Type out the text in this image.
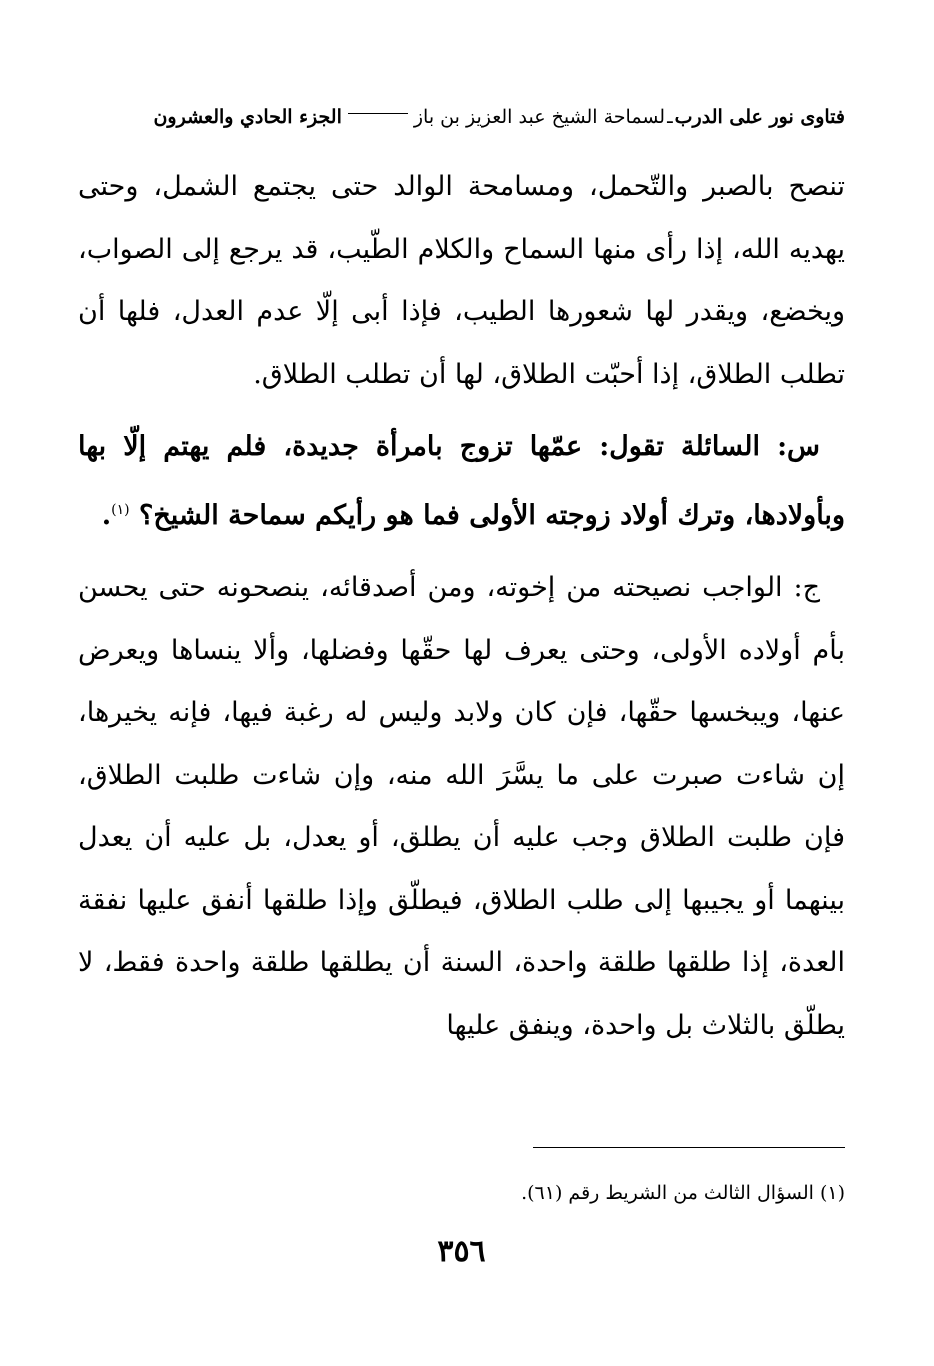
فتاوى نور على الدرب
ـ
لسماحة الشيخ عبد العزيز بن باز
الجزء الحادي والعشرون

تنصح بالصبر والتّحمل، ومسامحة الوالد حتى يجتمع الشمل، وحتى يهديه الله، إذا رأى منها السماح والكلام الطّيب، قد يرجع إلى الصواب، ويخضع، ويقدر لها شعورها الطيب، فإذا أبى إلّا عدم العدل، فلها أن تطلب الطلاق، إذا أحبّت الطلاق، لها أن تطلب الطلاق.

س: السائلة تقول: عمّها تزوج بامرأة جديدة، فلم يهتم إلّا بها وبأولادها، وترك أولاد زوجته الأولى فما هو رأيكم سماحة الشيخ؟ $^{(١)}$.

ج: الواجب نصيحته من إخوته، ومن أصدقائه، ينصحونه حتى يحسن بأم أولاده الأولى، وحتى يعرف لها حقّها وفضلها، وألا ينساها ويعرض عنها، ويبخسها حقّها، فإن كان ولابد وليس له رغبة فيها، فإنه يخيرها، إن شاءت صبرت على ما يسَّرَ الله منه، وإن شاءت طلبت الطلاق، فإن طلبت الطلاق وجب عليه أن يطلق، أو يعدل، بل عليه أن يعدل بينهما أو يجيبها إلى طلب الطلاق، فيطلّق وإذا طلقها أنفق عليها نفقة العدة، إذا طلقها طلقة واحدة، السنة أن يطلقها طلقة واحدة فقط، لا يطلّق بالثلاث بل واحدة، وينفق عليها

(١) السؤال الثالث من الشريط رقم (٦١).
٣٥٦
